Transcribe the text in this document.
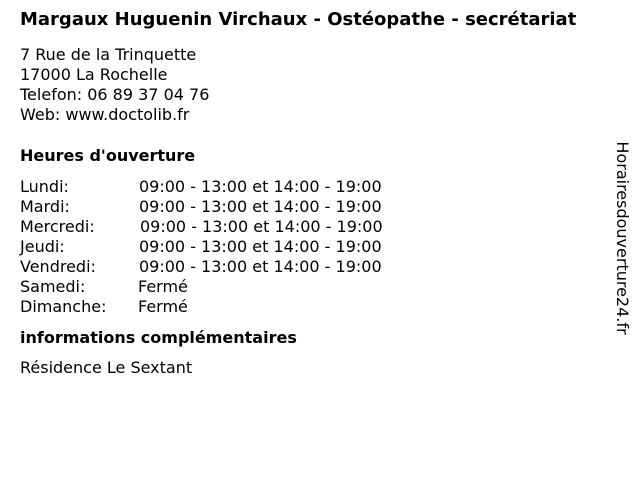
Margaux Huguenin Virchaux - Ostéopathe - secrétariat
7 Rue de la Trinquette
17000 La Rochelle
Telefon: 06 89 37 04 76
Web: www.doctolib.fr
Heures d'ouverture
Lundi:	09:00 - 13:00 et 14:00 - 19:00
Mardi:	09:00 - 13:00 et 14:00 - 19:00
Mercredi:	09:00 - 13:00 et 14:00 - 19:00
Jeudi:	09:00 - 13:00 et 14:00 - 19:00
Vendredi:	09:00 - 13:00 et 14:00 - 19:00
Samedi:	Fermé
Dimanche: Fermé
informations complémentaires
Résidence Le Sextant
Horairesdouverture24.fr
